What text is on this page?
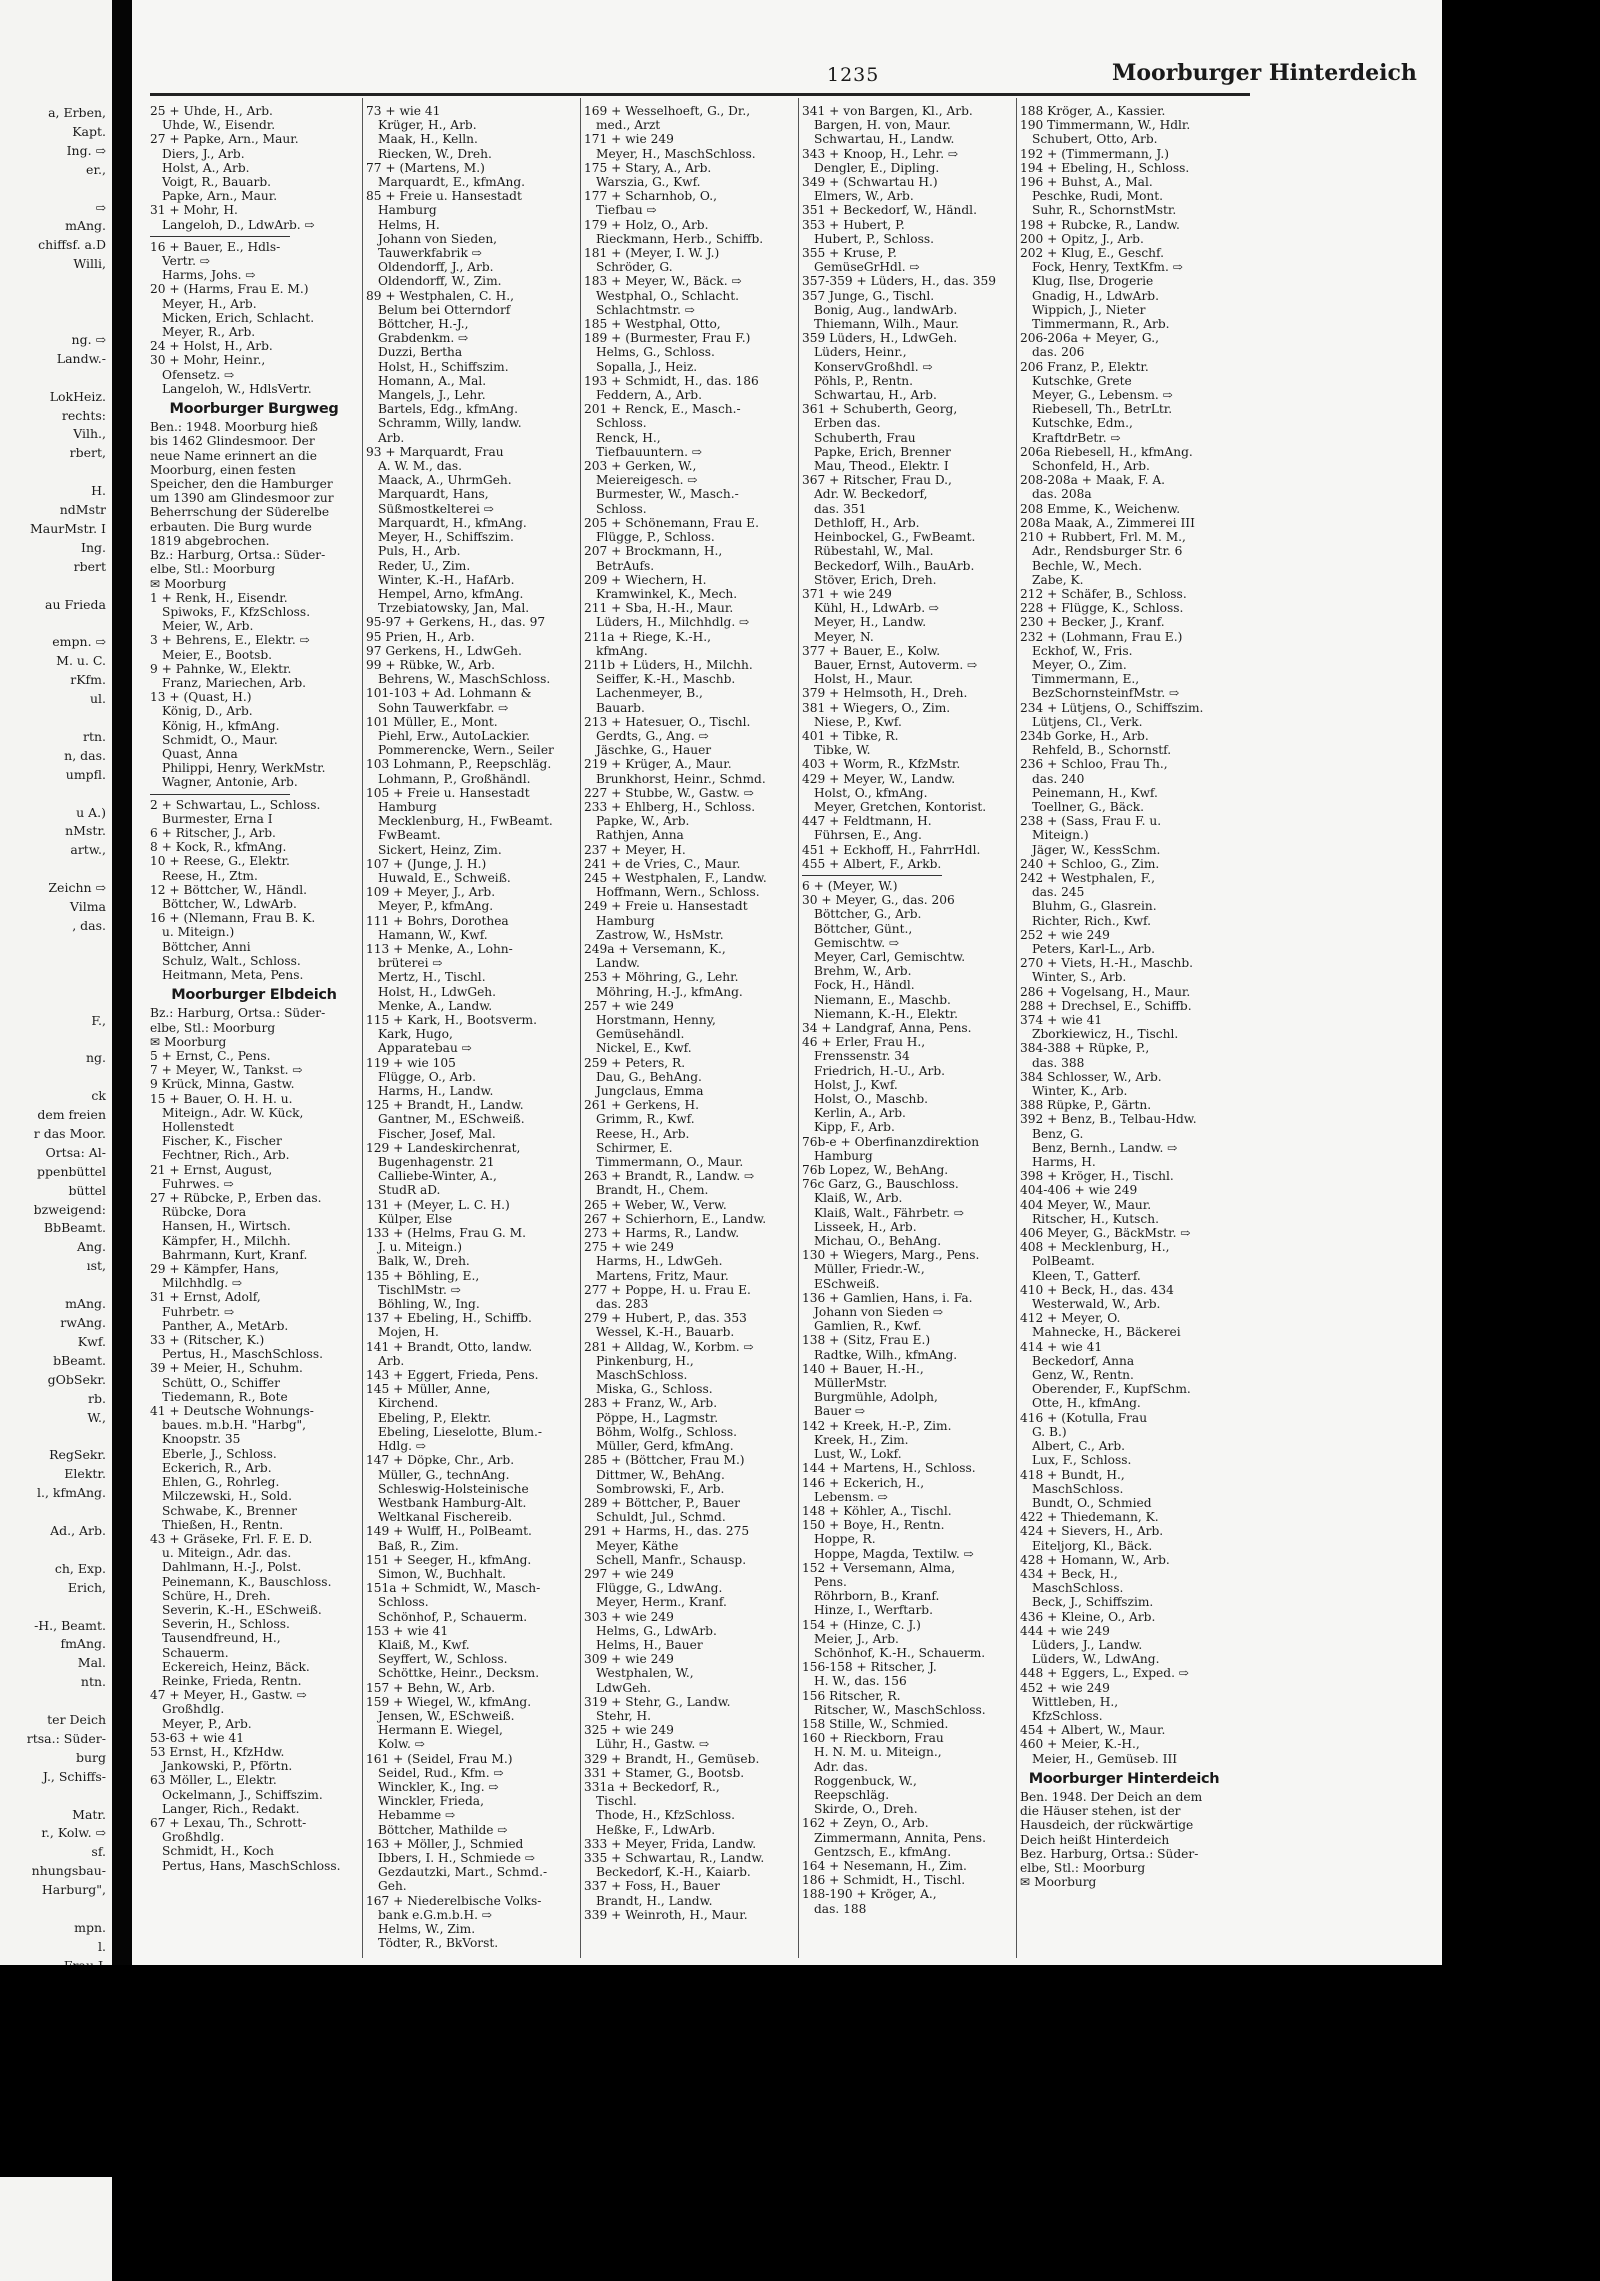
a, Erben,
Kapt.
Ing. ⇨
er.,

⇨
mAng.
chiffsf. a.D
Willi,

ng. ⇨
Landw.-

LokHeiz.
rechts:
Vilh.,
rbert,

H.
ndMstr
MaurMstr. I
Ing.
rbert

au Frieda

empn. ⇨
M. u. C.
rKfm.
ul.

rtn.
n, das.
umpfl.

u A.)
nMstr.
artw.,

Zeichn ⇨
Vilma
, das.

F.,

ng.

ck
dem freien
r das Moor.
Ortsa: Al-
ppenbüttel
büttel
bzweigend:
BbBeamt.
Ang.
ıst,

mAng.
rwAng.
Kwf.
bBeamt.
gObSekr.
rb.
W.,

RegSekr.
Elektr.
l., kfmAng.

Ad., Arb.

ch, Exp.
Erich,

-H., Beamt.
fmAng.
Mal.
ntn.

ter Deich
rtsa.: Süder-
burg
J., Schiffs-

Matr.
r., Kolw. ⇨
sf.
nhungsbau-
Harburg",

mpn.
l.

1235	Moorburger Hinterdeich
25 + Uhde, H., Arb.
Uhde, W., Eisendr.
27 + Papke, Arn., Maur.
Diers, J., Arb.
Holst, A., Arb.
Voigt, R., Bauarb.
Papke, Arn., Maur.
31 + Mohr, H.
Langeloh, D., LdwArb. ⇨
16 + Bauer, E., Hdls-
Vertr. ⇨
Harms, Johs. ⇨
20 + (Harms, Frau E. M.)
Meyer, H., Arb.
Micken, Erich, Schlacht.
Meyer, R., Arb.
24 + Holst, H., Arb.
30 + Mohr, Heinr.,
Ofensetz. ⇨
Langeloh, W., HdlsVertr.
Moorburger Burgweg
Ben.: 1948. Moorburg hieß
bis 1462 Glindesmoor. Der
neue Name erinnert an die
Moorburg, einen festen
Speicher, den die Hamburger
um 1390 am Glindesmoor zur
Beherrschung der Süderelbe
erbauten. Die Burg wurde
1819 abgebrochen.
Bz.: Harburg, Ortsa.: Süder-
elbe, Stl.: Moorburg
✉ Moorburg
1 + Renk, H., Eisendr.
Spiwoks, F., KfzSchloss.
Meier, W., Arb.
3 + Behrens, E., Elektr. ⇨
Meier, E., Bootsb.
9 + Pahnke, W., Elektr.
Franz, Mariechen, Arb.
13 + (Quast, H.)
König, D., Arb.
König, H., kfmAng.
Schmidt, O., Maur.
Quast, Anna
Philippi, Henry, WerkMstr.
Wagner, Antonie, Arb.
2 + Schwartau, L., Schloss.
Burmester, Erna I
6 + Ritscher, J., Arb.
8 + Kock, R., kfmAng.
10 + Reese, G., Elektr.
Reese, H., Ztm.
12 + Böttcher, W., Händl.
Böttcher, W., LdwArb.
16 + (Nlemann, Frau B. K.
u. Miteign.)
Böttcher, Anni
Schulz, Walt., Schloss.
Heitmann, Meta, Pens.
Moorburger Elbdeich
Bz.: Harburg, Ortsa.: Süder-
elbe, Stl.: Moorburg
✉ Moorburg
5 + Ernst, C., Pens.
7 + Meyer, W., Tankst. ⇨
9 Krück, Minna, Gastw.
15 + Bauer, O. H. H. u.
Miteign., Adr. W. Kück,
Hollenstedt
Fischer, K., Fischer
Fechtner, Rich., Arb.
21 + Ernst, August,
Fuhrwes. ⇨
27 + Rübcke, P., Erben das.
Rübcke, Dora
Hansen, H., Wirtsch.
Kämpfer, H., Milchh.
Bahrmann, Kurt, Kranf.
29 + Kämpfer, Hans,
Milchhdlg. ⇨
31 + Ernst, Adolf,
Fuhrbetr. ⇨
Panther, A., MetArb.
33 + (Ritscher, K.)
Pertus, H., MaschSchloss.
39 + Meier, H., Schuhm.
Schütt, O., Schiffer
Tiedemann, R., Bote
41 + Deutsche Wohnungs-
baues. m.b.H. "Harbg",
Knoopstr. 35
Eberle, J., Schloss.
Eckerich, R., Arb.
Ehlen, G., Rohrleg.
Milczewski, H., Sold.
Schwabe, K., Brenner
Thießen, H., Rentn.
43 + Gräseke, Frl. F. E. D.
u. Miteign., Adr. das.
Dahlmann, H.-J., Polst.
Peinemann, K., Bauschloss.
Schüre, H., Dreh.
Severin, K.-H., ESchweiß.
Severin, H., Schloss.
Tausendfreund, H.,
Schauerm.
Eckereich, Heinz, Bäck.
Reinke, Frieda, Rentn.
47 + Meyer, H., Gastw. ⇨
Großhdlg.
Meyer, P., Arb.
53-63 + wie 41
53 Ernst, H., KfzHdw.
Jankowski, P., Pförtn.
63 Möller, L., Elektr.
Ockelmann, J., Schiffszim.
Langer, Rich., Redakt.
67 + Lexau, Th., Schrott-
Großhdlg.
Schmidt, H., Koch
Pertus, Hans, MaschSchloss.
73 + wie 41
Krüger, H., Arb.
Maak, H., Kelln.
Riecken, W., Dreh.
77 + (Martens, M.)
Marquardt, E., kfmAng.
85 + Freie u. Hansestadt
Hamburg
Helms, H.
Johann von Sieden,
Tauwerkfabrik ⇨
Oldendorff, J., Arb.
Oldendorff, W., Zim.
89 + Westphalen, C. H.,
Belum bei Otterndorf
Böttcher, H.-J.,
Grabdenkm. ⇨
Duzzi, Bertha
Holst, H., Schiffszim.
Homann, A., Mal.
Mangels, J., Lehr.
Bartels, Edg., kfmAng.
Schramm, Willy, landw.
Arb.
93 + Marquardt, Frau
A. W. M., das.
Maack, A., UhrmGeh.
Marquardt, Hans,
Süßmostkelterei ⇨
Marquardt, H., kfmAng.
Meyer, H., Schiffszim.
Puls, H., Arb.
Reder, U., Zim.
Winter, K.-H., HafArb.
Hempel, Arno, kfmAng.
Trzebiatowsky, Jan, Mal.
95-97 + Gerkens, H., das. 97
95 Prien, H., Arb.
97 Gerkens, H., LdwGeh.
99 + Rübke, W., Arb.
Behrens, W., MaschSchloss.
101-103 + Ad. Lohmann &
Sohn Tauwerkfabr. ⇨
101 Müller, E., Mont.
Piehl, Erw., AutoLackier.
Pommerencke, Wern., Seiler
103 Lohmann, P., Reepschläg.
Lohmann, P., Großhändl.
105 + Freie u. Hansestadt
Hamburg
Mecklenburg, H., FwBeamt.
FwBeamt.
Sickert, Heinz, Zim.
107 + (Junge, J. H.)
Huwald, E., Schweiß.
109 + Meyer, J., Arb.
Meyer, P., kfmAng.
111 + Bohrs, Dorothea
Hamann, W., Kwf.
113 + Menke, A., Lohn-
brüterei ⇨
Mertz, H., Tischl.
Holst, H., LdwGeh.
Menke, A., Landw.
115 + Kark, H., Bootsverm.
Kark, Hugo,
Apparatebau ⇨
119 + wie 105
Flügge, O., Arb.
Harms, H., Landw.
125 + Brandt, H., Landw.
Gantner, M., ESchweiß.
Fischer, Josef, Mal.
129 + Landeskirchenrat,
Bugenhagenstr. 21
Calliebe-Winter, A.,
StudR aD.
131 + (Meyer, L. C. H.)
Külper, Else
133 + (Helms, Frau G. M.
J. u. Miteign.)
Balk, W., Dreh.
135 + Böhling, E.,
TischlMstr. ⇨
Böhling, W., Ing.
137 + Ebeling, H., Schiffb.
Mojen, H.
141 + Brandt, Otto, landw.
Arb.
143 + Eggert, Frieda, Pens.
145 + Müller, Anne,
Kirchend.
Ebeling, P., Elektr.
Ebeling, Lieselotte, Blum.-
Hdlg. ⇨
147 + Döpke, Chr., Arb.
Müller, G., technAng.
Schleswig-Holsteinische
Westbank Hamburg-Alt.
Weltkanal Fischereib.
149 + Wulff, H., PolBeamt.
Baß, R., Zim.
151 + Seeger, H., kfmAng.
Simon, W., Buchhalt.
151a + Schmidt, W., Masch-
Schloss.
Schönhof, P., Schauerm.
153 + wie 41
Klaiß, M., Kwf.
Seyffert, W., Schloss.
Schöttke, Heinr., Decksm.
157 + Behn, W., Arb.
159 + Wiegel, W., kfmAng.
Jensen, W., ESchweiß.
Hermann E. Wiegel,
Kolw. ⇨
161 + (Seidel, Frau M.)
Seidel, Rud., Kfm. ⇨
Winckler, K., Ing. ⇨
Winckler, Frieda,
Hebamme ⇨
Böttcher, Mathilde ⇨
163 + Möller, J., Schmied
Ibbers, I. H., Schmiede ⇨
Gezdautzki, Mart., Schmd.-
Geh.
167 + Niederelbische Volks-
bank e.G.m.b.H. ⇨
Helms, W., Zim.
Tödter, R., BkVorst.
169 + Wesselhoeft, G., Dr.,
med., Arzt
171 + wie 249
Meyer, H., MaschSchloss.
175 + Stary, A., Arb.
Warszia, G., Kwf.
177 + Scharnhob, O.,
Tiefbau ⇨
179 + Holz, O., Arb.
Rieckmann, Herb., Schiffb.
181 + (Meyer, I. W. J.)
Schröder, G.
183 + Meyer, W., Bäck. ⇨
Westphal, O., Schlacht.
Schlachtmstr. ⇨
185 + Westphal, Otto,
189 + (Burmester, Frau F.)
Helms, G., Schloss.
Sopalla, J., Heiz.
193 + Schmidt, H., das. 186
Feddern, A., Arb.
201 + Renck, E., Masch.-
Schloss.
Renck, H.,
Tiefbauuntern. ⇨
203 + Gerken, W.,
Meiereigesch. ⇨
Burmester, W., Masch.-
Schloss.
205 + Schönemann, Frau E.
Flügge, P., Schloss.
207 + Brockmann, H.,
BetrAufs.
209 + Wiechern, H.
Kramwinkel, K., Mech.
211 + Sba, H.-H., Maur.
Lüders, H., Milchhdlg. ⇨
211a + Riege, K.-H.,
kfmAng.
211b + Lüders, H., Milchh.
Seiffer, K.-H., Maschb.
Lachenmeyer, B.,
Bauarb.
213 + Hatesuer, O., Tischl.
Gerdts, G., Ang. ⇨
Jäschke, G., Hauer
219 + Krüger, A., Maur.
Brunkhorst, Heinr., Schmd.
227 + Stubbe, W., Gastw. ⇨
233 + Ehlberg, H., Schloss.
Papke, W., Arb.
Rathjen, Anna
237 + Meyer, H.
241 + de Vries, C., Maur.
245 + Westphalen, F., Landw.
Hoffmann, Wern., Schloss.
249 + Freie u. Hansestadt
Hamburg
Zastrow, W., HsMstr.
249a + Versemann, K.,
Landw.
253 + Möhring, G., Lehr.
Möhring, H.-J., kfmAng.
257 + wie 249
Horstmann, Henny,
Gemüsehändl.
Nickel, E., Kwf.
259 + Peters, R.
Dau, G., BehAng.
Jungclaus, Emma
261 + Gerkens, H.
Grimm, R., Kwf.
Reese, H., Arb.
Schirmer, E.
Timmermann, O., Maur.
263 + Brandt, R., Landw. ⇨
Brandt, H., Chem.
265 + Weber, W., Verw.
267 + Schierhorn, E., Landw.
273 + Harms, R., Landw.
275 + wie 249
Harms, H., LdwGeh.
Martens, Fritz, Maur.
277 + Poppe, H. u. Frau E.
das. 283
279 + Hubert, P., das. 353
Wessel, K.-H., Bauarb.
281 + Alldag, W., Korbm. ⇨
Pinkenburg, H.,
MaschSchloss.
Miska, G., Schloss.
283 + Franz, W., Arb.
Pöppe, H., Lagmstr.
Böhm, Wolfg., Schloss.
Müller, Gerd, kfmAng.
285 + (Böttcher, Frau M.)
Dittmer, W., BehAng.
Sombrowski, F., Arb.
289 + Böttcher, P., Bauer
Schuldt, Jul., Schmd.
291 + Harms, H., das. 275
Meyer, Käthe
Schell, Manfr., Schausp.
297 + wie 249
Flügge, G., LdwAng.
Meyer, Herm., Kranf.
303 + wie 249
Helms, G., LdwArb.
Helms, H., Bauer
309 + wie 249
Westphalen, W.,
LdwGeh.
319 + Stehr, G., Landw.
Stehr, H.
325 + wie 249
Lühr, H., Gastw. ⇨
329 + Brandt, H., Gemüseb.
331 + Stamer, G., Bootsb.
331a + Beckedorf, R.,
Tischl.
Thode, H., KfzSchloss.
Heßke, F., LdwArb.
333 + Meyer, Frida, Landw.
335 + Schwartau, R., Landw.
Beckedorf, K.-H., Kaiarb.
337 + Foss, H., Bauer
Brandt, H., Landw.
339 + Weinroth, H., Maur.
341 + von Bargen, Kl., Arb.
Bargen, H. von, Maur.
Schwartau, H., Landw.
343 + Knoop, H., Lehr. ⇨
Dengler, E., Dipling.
349 + (Schwartau H.)
Elmers, W., Arb.
351 + Beckedorf, W., Händl.
353 + Hubert, P.
Hubert, P., Schloss.
355 + Kruse, P.
GemüseGrHdl. ⇨
357-359 + Lüders, H., das. 359
357 Junge, G., Tischl.
Bonig, Aug., landwArb.
Thiemann, Wilh., Maur.
359 Lüders, H., LdwGeh.
Lüders, Heinr.,
KonservGroßhdl. ⇨
Pöhls, P., Rentn.
Schwartau, H., Arb.
361 + Schuberth, Georg,
Erben das.
Schuberth, Frau
Papke, Erich, Brenner
Mau, Theod., Elektr. I
367 + Ritscher, Frau D.,
Adr. W. Beckedorf,
das. 351
Dethloff, H., Arb.
Heinbockel, G., FwBeamt.
Rübestahl, W., Mal.
Beckedorf, Wilh., BauArb.
Stöver, Erich, Dreh.
371 + wie 249
Kühl, H., LdwArb. ⇨
Meyer, H., Landw.
Meyer, N.
377 + Bauer, E., Kolw.
Bauer, Ernst, Autoverm. ⇨
Holst, H., Maur.
379 + Helmsoth, H., Dreh.
381 + Wiegers, O., Zim.
Niese, P., Kwf.
401 + Tibke, R.
Tibke, W.
403 + Worm, R., KfzMstr.
429 + Meyer, W., Landw.
Holst, O., kfmAng.
Meyer, Gretchen, Kontorist.
447 + Feldtmann, H.
Führsen, E., Ang.
451 + Eckhoff, H., FahrrHdl.
455 + Albert, F., Arkb.
6 + (Meyer, W.)
30 + Meyer, G., das. 206
Böttcher, G., Arb.
Böttcher, Günt.,
Gemischtw. ⇨
Meyer, Carl, Gemischtw.
Brehm, W., Arb.
Fock, H., Händl.
Niemann, E., Maschb.
Niemann, K.-H., Elektr.
34 + Landgraf, Anna, Pens.
46 + Erler, Frau H.,
Frenssenstr. 34
Friedrich, H.-U., Arb.
Holst, J., Kwf.
Holst, O., Maschb.
Kerlin, A., Arb.
Kipp, F., Arb.
76b-e + Oberfinanzdirektion
Hamburg
76b Lopez, W., BehAng.
76c Garz, G., Bauschloss.
Klaiß, W., Arb.
Klaiß, Walt., Fährbetr. ⇨
Lisseek, H., Arb.
Michau, O., BehAng.
130 + Wiegers, Marg., Pens.
Müller, Friedr.-W.,
ESchweiß.
136 + Gamlien, Hans, i. Fa.
Johann von Sieden ⇨
Gamlien, R., Kwf.
138 + (Sitz, Frau E.)
Radtke, Wilh., kfmAng.
140 + Bauer, H.-H.,
MüllerMstr.
Burgmühle, Adolph,
Bauer ⇨
142 + Kreek, H.-P., Zim.
Kreek, H., Zim.
Lust, W., Lokf.
144 + Martens, H., Schloss.
146 + Eckerich, H.,
Lebensm. ⇨
148 + Köhler, A., Tischl.
150 + Boye, H., Rentn.
Hoppe, R.
Hoppe, Magda, Textilw. ⇨
152 + Versemann, Alma,
Pens.
Röhrborn, B., Kranf.
Hinze, I., Werftarb.
154 + (Hinze, C. J.)
Meier, J., Arb.
Schönhof, K.-H., Schauerm.
156-158 + Ritscher, J.
H. W., das. 156
156 Ritscher, R.
Ritscher, W., MaschSchloss.
158 Stille, W., Schmied.
160 + Rieckborn, Frau
H. N. M. u. Miteign.,
Adr. das.
Roggenbuck, W.,
Reepschläg.
Skirde, O., Dreh.
162 + Zeyn, O., Arb.
Zimmermann, Annita, Pens.
Gentzsch, E., kfmAng.
164 + Nesemann, H., Zim.
186 + Schmidt, H., Tischl.
188-190 + Kröger, A.,
das. 188
188 Kröger, A., Kassier.
190 Timmermann, W., Hdlr.
Schubert, Otto, Arb.
192 + (Timmermann, J.)
194 + Ebeling, H., Schloss.
196 + Buhst, A., Mal.
Peschke, Rudi, Mont.
Suhr, R., SchornstMstr.
198 + Rubcke, R., Landw.
200 + Opitz, J., Arb.
202 + Klug, E., Geschf.
Fock, Henry, TextKfm. ⇨
Klug, Ilse, Drogerie
Gnadig, H., LdwArb.
Wippich, J., Nieter
Timmermann, R., Arb.
206-206a + Meyer, G.,
das. 206
206 Franz, P., Elektr.
Kutschke, Grete
Meyer, G., Lebensm. ⇨
Riebesell, Th., BetrLtr.
Kutschke, Edm.,
KraftdrBetr. ⇨
206a Riebesell, H., kfmAng.
Schonfeld, H., Arb.
208-208a + Maak, F. A.
das. 208a
208 Emme, K., Weichenw.
208a Maak, A., Zimmerei III
210 + Rubbert, Frl. M. M.,
Adr., Rendsburger Str. 6
Bechle, W., Mech.
Zabe, K.
212 + Schäfer, B., Schloss.
228 + Flügge, K., Schloss.
230 + Becker, J., Kranf.
232 + (Lohmann, Frau E.)
Eckhof, W., Fris.
Meyer, O., Zim.
Timmermann, E.,
BezSchornsteinfMstr. ⇨
234 + Lütjens, O., Schiffszim.
Lütjens, Cl., Verk.
234b Gorke, H., Arb.
Rehfeld, B., Schornstf.
236 + Schloo, Frau Th.,
das. 240
Peinemann, H., Kwf.
Toellner, G., Bäck.
238 + (Sass, Frau F. u.
Miteign.)
Jäger, W., KessSchm.
240 + Schloo, G., Zim.
242 + Westphalen, F.,
das. 245
Bluhm, G., Glasrein.
Richter, Rich., Kwf.
252 + wie 249
Peters, Karl-L., Arb.
270 + Viets, H.-H., Maschb.
Winter, S., Arb.
286 + Vogelsang, H., Maur.
288 + Drechsel, E., Schiffb.
374 + wie 41
Zborkiewicz, H., Tischl.
384-388 + Rüpke, P.,
das. 388
384 Schlosser, W., Arb.
Winter, K., Arb.
388 Rüpke, P., Gärtn.
392 + Benz, B., Telbau-Hdw.
Benz, G.
Benz, Bernh., Landw. ⇨
Harms, H.
398 + Kröger, H., Tischl.
404-406 + wie 249
404 Meyer, W., Maur.
Ritscher, H., Kutsch.
406 Meyer, G., BäckMstr. ⇨
408 + Mecklenburg, H.,
PolBeamt.
Kleen, T., Gatterf.
410 + Beck, H., das. 434
Westerwald, W., Arb.
412 + Meyer, O.
Mahnecke, H., Bäckerei
414 + wie 41
Beckedorf, Anna
Genz, W., Rentn.
Oberender, F., KupfSchm.
Otte, H., kfmAng.
416 + (Kotulla, Frau
G. B.)
Albert, C., Arb.
Lux, F., Schloss.
418 + Bundt, H.,
MaschSchloss.
Bundt, O., Schmied
422 + Thiedemann, K.
424 + Sievers, H., Arb.
Eiteljorg, Kl., Bäck.
428 + Homann, W., Arb.
434 + Beck, H.,
MaschSchloss.
Beck, J., Schiffszim.
436 + Kleine, O., Arb.
444 + wie 249
Lüders, J., Landw.
Lüders, W., LdwAng.
448 + Eggers, L., Exped. ⇨
452 + wie 249
Wittleben, H.,
KfzSchloss.
454 + Albert, W., Maur.
460 + Meier, K.-H.,
Meier, H., Gemüseb. III
Moorburger Hinterdeich
Ben. 1948. Der Deich an dem
die Häuser stehen, ist der
Hausdeich, der rückwärtige
Deich heißt Hinterdeich
Bez. Harburg, Ortsa.: Süder-
elbe, Stl.: Moorburg
✉ Moorburg
